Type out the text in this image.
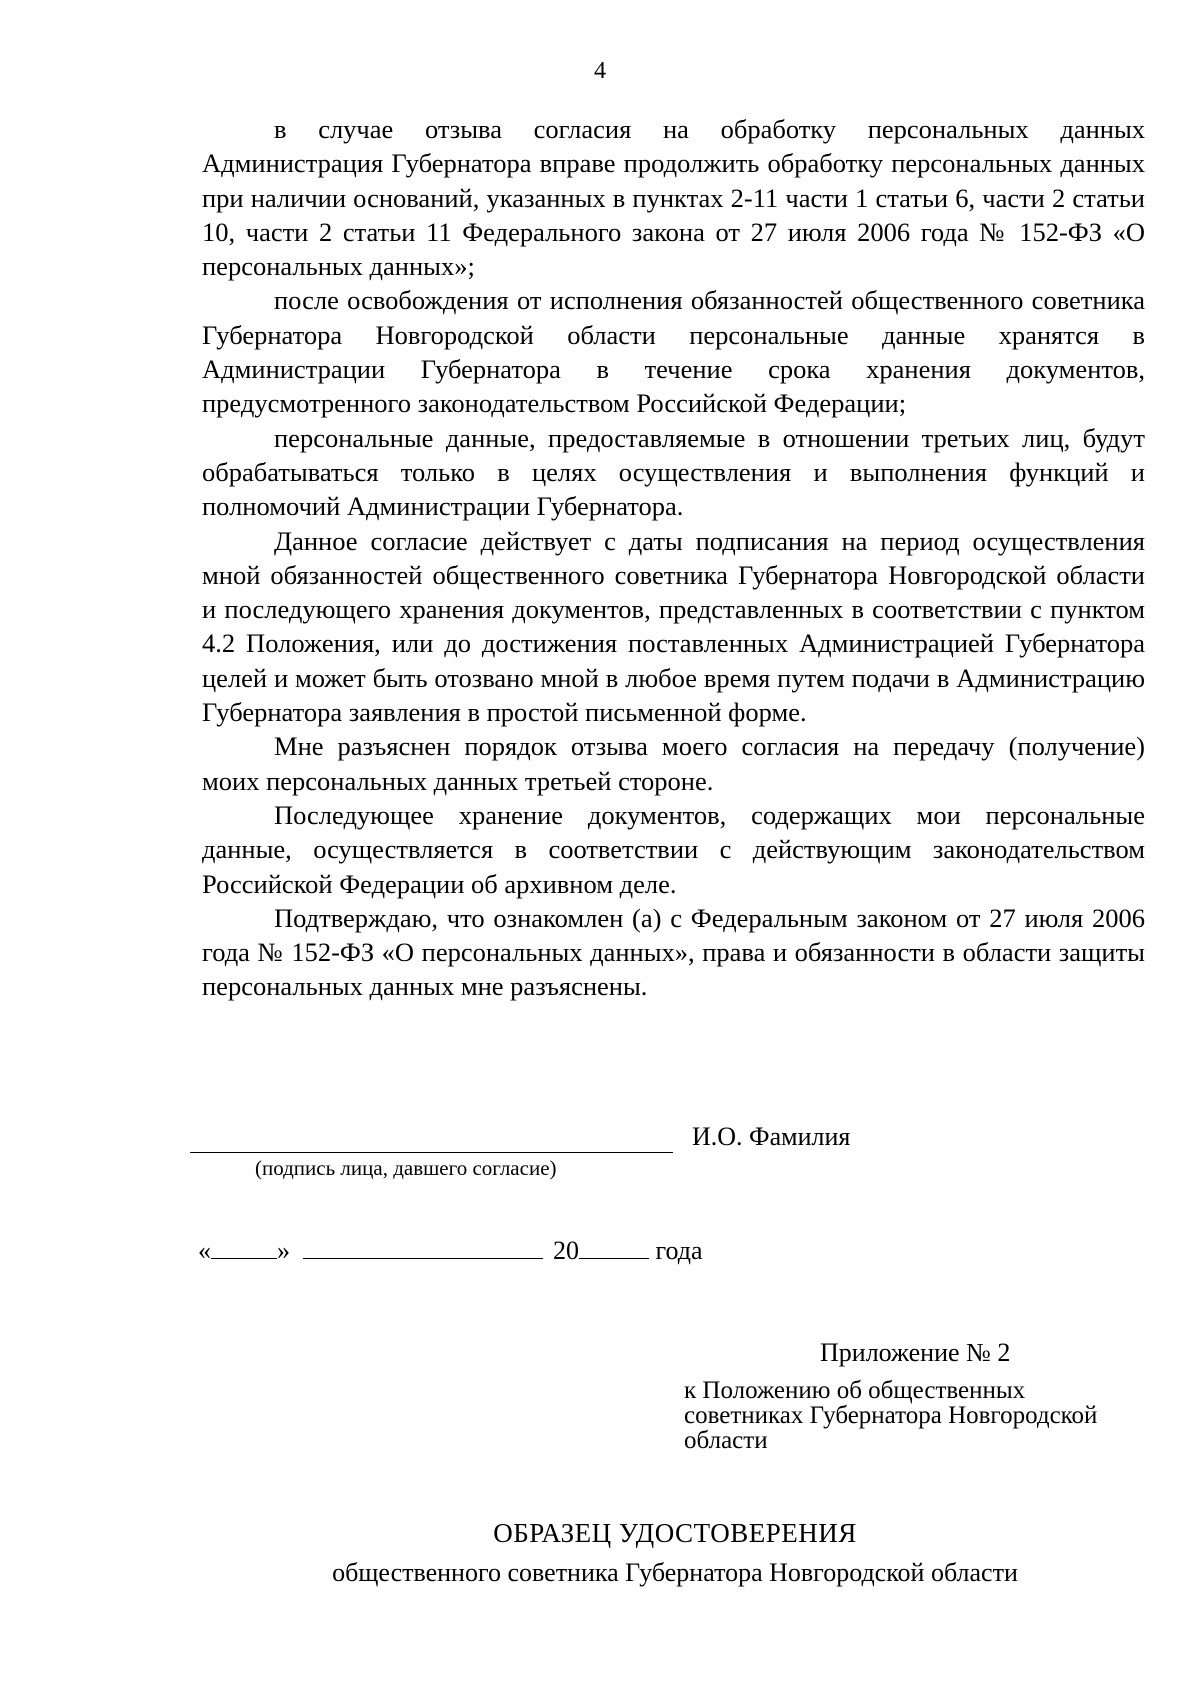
4

в случае отзыва согласия на обработку персональных данных Администрация Губернатора вправе продолжить обработку персональных данных при наличии оснований, указанных в пунктах 2-11 части 1 статьи 6, части 2 статьи 10, части 2 статьи 11 Федерального закона от 27 июля 2006 года № 152-ФЗ «О персональных данных»;

после освобождения от исполнения обязанностей общественного советника Губернатора Новгородской области персональные данные хранятся в Администрации Губернатора в течение срока хранения документов, предусмотренного законодательством Российской Федерации;

персональные данные, предоставляемые в отношении третьих лиц, будут обрабатываться только в целях осуществления и выполнения функций и полномочий Администрации Губернатора.

Данное согласие действует с даты подписания на период осуществления мной обязанностей общественного советника Губернатора Новгородской области и последующего хранения документов, представленных в соответствии с пунктом 4.2 Положения, или до достижения поставленных Администрацией Губернатора целей и может быть отозвано мной в любое время путем подачи в Администрацию Губернатора заявления в простой письменной форме.

Мне разъяснен порядок отзыва моего согласия на передачу (получение) моих персональных данных третьей стороне.

Последующее хранение документов, содержащих мои персональные данные, осуществляется в соответствии с действующим законодательством Российской Федерации об архивном деле.

Подтверждаю, что ознакомлен (а) с Федеральным законом от 27 июля 2006 года № 152-ФЗ «О персональных данных», права и обязанности в области защиты персональных данных мне разъяснены.

И.О. Фамилия
(подпись лица, давшего согласие)
«	»	20	года
Приложение № 2
к Положению об общественных
советниках Губернатора Новгородской
области
ОБРАЗЕЦ УДОСТОВЕРЕНИЯ
общественного советника Губернатора Новгородской области
